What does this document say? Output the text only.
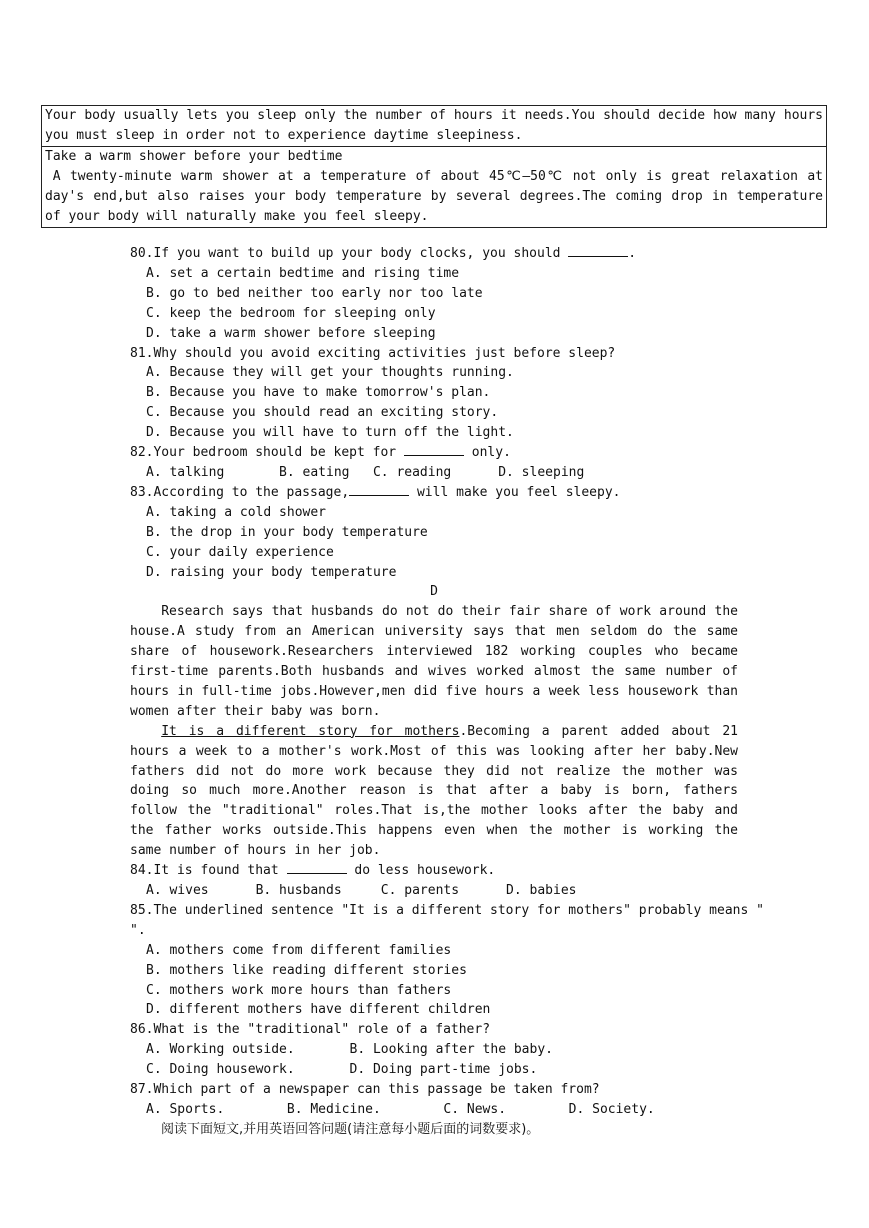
Your body usually lets you sleep only the number of hours it needs.You should decide how many hours you must sleep in order not to experience daytime sleepiness.
Take a warm shower before your bedtime
A twenty-minute warm shower at a temperature of about 45℃—50℃ not only is great relaxation at day's end,but also raises your body temperature by several degrees.The coming drop in temperature of your body will naturally make you feel sleepy.
80.If you want to build up your body clocks, you should	.
A. set a certain bedtime and rising time
B. go to bed neither too early nor too late
C. keep the bedroom for sleeping only
D. take a warm shower before sleeping
81.Why should you avoid exciting activities just before sleep?
A. Because they will get your thoughts running.
B. Because you have to make tomorrow's plan.
C. Because you should read an exciting story.
D. Because you will have to turn off the light.
82.Your bedroom should be kept for	only.
A. talking       B. eating   C. reading      D. sleeping
83.According to the passage,	will make you feel sleepy.
A. taking a cold shower
B. the drop in your body temperature
C. your daily experience
D. raising your body temperature
D
Research says that husbands do not do their fair share of work around the house.A study from an American university says that men seldom do the same share of housework.Researchers interviewed 182 working couples who became first-time parents.Both husbands and wives worked almost the same number of hours in full-time jobs.However,men did five hours a week less housework than women after their baby was born.
It is a different story for mothers.Becoming a parent added about 21 hours a week to a mother's work.Most of this was looking after her baby.New fathers did not do more work because they did not realize the mother was doing so much more.Another reason is that after a baby is born, fathers follow the "traditional" roles.That is,the mother looks after the baby and the father works outside.This happens even when the mother is working the same number of hours in her job.
84.It is found that	do less housework.
A. wives      B. husbands     C. parents      D. babies
85.The underlined sentence "It is a different story for mothers" probably means "
".
A. mothers come from different families
B. mothers like reading different stories
C. mothers work more hours than fathers
D. different mothers have different children
86.What is the "traditional" role of a father?
A. Working outside.       B. Looking after the baby.
C. Doing housework.       D. Doing part-time jobs.
87.Which part of a newspaper can this passage be taken from?
A. Sports.        B. Medicine.        C. News.        D. Society.
阅读下面短文,并用英语回答问题(请注意每小题后面的词数要求)。
